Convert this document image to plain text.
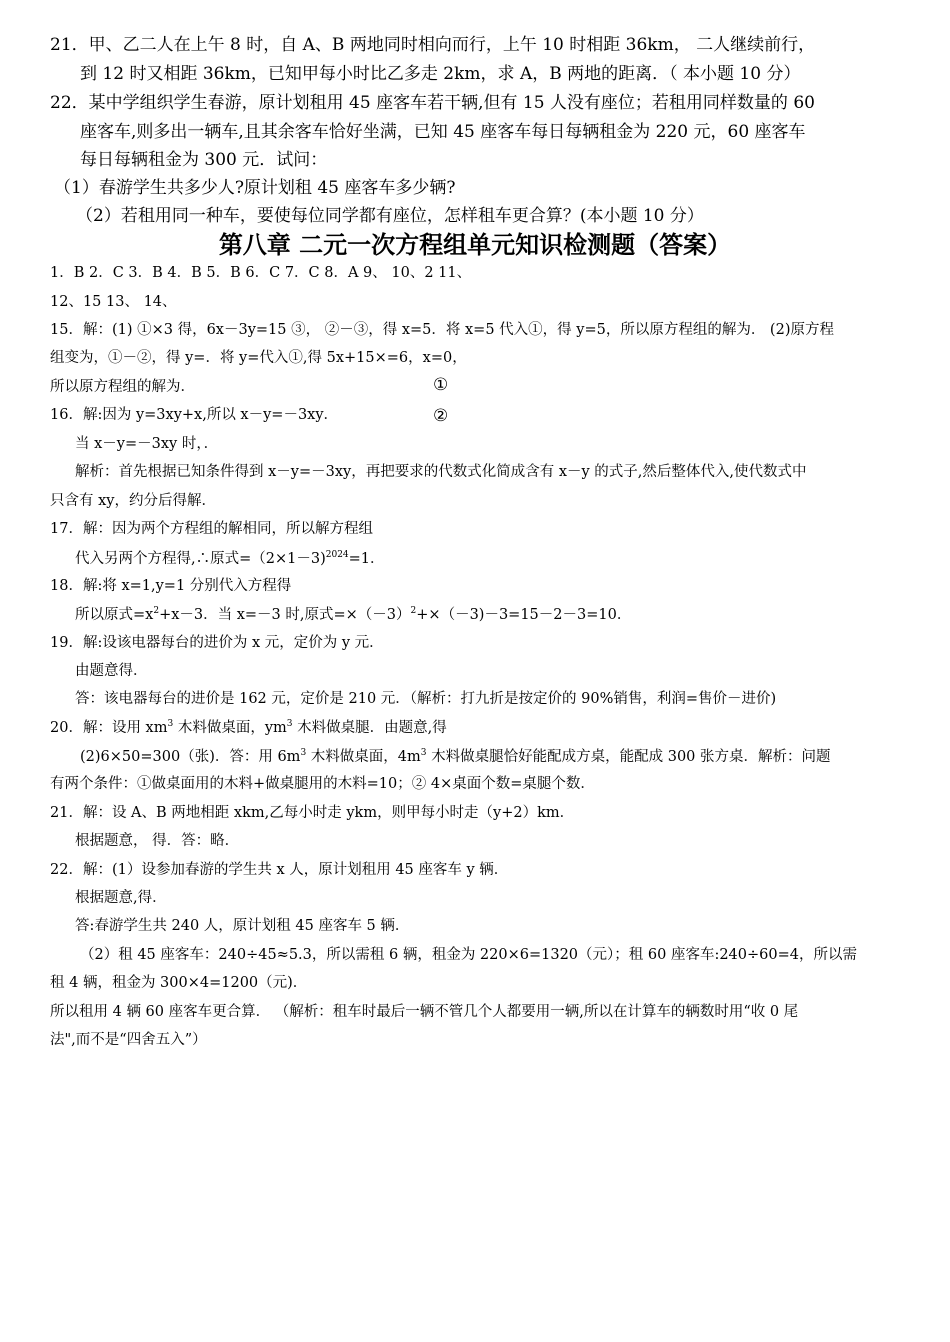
21．甲、乙二人在上午 8 时，自 A、B 两地同时相向而行，上午 10 时相距 36km， 二人继续前行，

到 12 时又相距 36km，已知甲每小时比乙多走 2km，求 A，B 两地的距离．（ 本小题 10 分）

22．某中学组织学生春游，原计划租用 45 座客车若干辆,但有 15 人没有座位；若租用同样数量的 60

座客车,则多出一辆车,且其余客车恰好坐满，已知 45 座客车每日每辆租金为 220 元，60 座客车

每日每辆租金为 300 元．试问：

（1）春游学生共多少人?原计划租 45 座客车多少辆?

（2）若租用同一种车，要使每位同学都有座位，怎样租车更合算？(本小题 10 分）

第八章 二元一次方程组单元知识检测题（答案）

1．B 2．C 3．B 4．B 5．B 6．C 7．C 8．A 9、 10、2 11、

12、15 13、 14、

15．解：(1) ①×3 得，6x－3y=15 ③， ②－③，得 x=5．将 x=5 代入①，得 y=5，所以原方程组的解为． (2)原方程

组变为，①－②，得 y=．将 y=代入①,得 5x+15×=6，x=0，

所以原方程组的解为．	①

16．解:因为 y=3xy+x,所以 x－y=－3xy．	②

当 x－y=－3xy 时，．

解析：首先根据已知条件得到 x－y=－3xy，再把要求的代数式化简成含有 x－y 的式子,然后整体代入,使代数式中

只含有 xy，约分后得解．

17．解：因为两个方程组的解相同，所以解方程组

代入另两个方程得,∴原式=（2×1－3)$^{2024}$=1．

18．解:将 x=1,y=1 分别代入方程得

所以原式$=x^2+x-3$．当 x=－3 时,原式$=\times(-3)^2+\times(-3)-3=15-2-3=10$．

19．解:设该电器每台的进价为 x 元，定价为 y 元．

由题意得．

答：该电器每台的进价是 162 元，定价是 210 元．（解析：打九折是按定价的 90%销售，利润=售价－进价)

20．解：设用 $xm^3$ 木料做桌面，$ym^3$ 木料做桌腿．由题意,得

(2)6×50=300（张)．答：用 $6m^3$ 木料做桌面，$4m^3$ 木料做桌腿恰好能配成方桌，能配成 300 张方桌．解析：问题

有两个条件：①做桌面用的木料+做桌腿用的木料=10；② 4×桌面个数=桌腿个数．

21．解：设 A、B 两地相距 xkm,乙每小时走 ykm，则甲每小时走（y+2）km．

根据题意， 得．答：略．

22．解：(1）设参加春游的学生共 x 人，原计划租用 45 座客车 y 辆．

根据题意,得．

答:春游学生共 240 人，原计划租 45 座客车 5 辆．

（2）租 45 座客车：240÷45≈5.3，所以需租 6 辆，租金为 220×6=1320（元）；租 60 座客车:240÷60=4，所以需

租 4 辆，租金为 300×4=1200（元)．

所以租用 4 辆 60 座客车更合算． （解析：租车时最后一辆不管几个人都要用一辆,所以在计算车的辆数时用“收 0 尾

法",而不是“四舍五入”）
